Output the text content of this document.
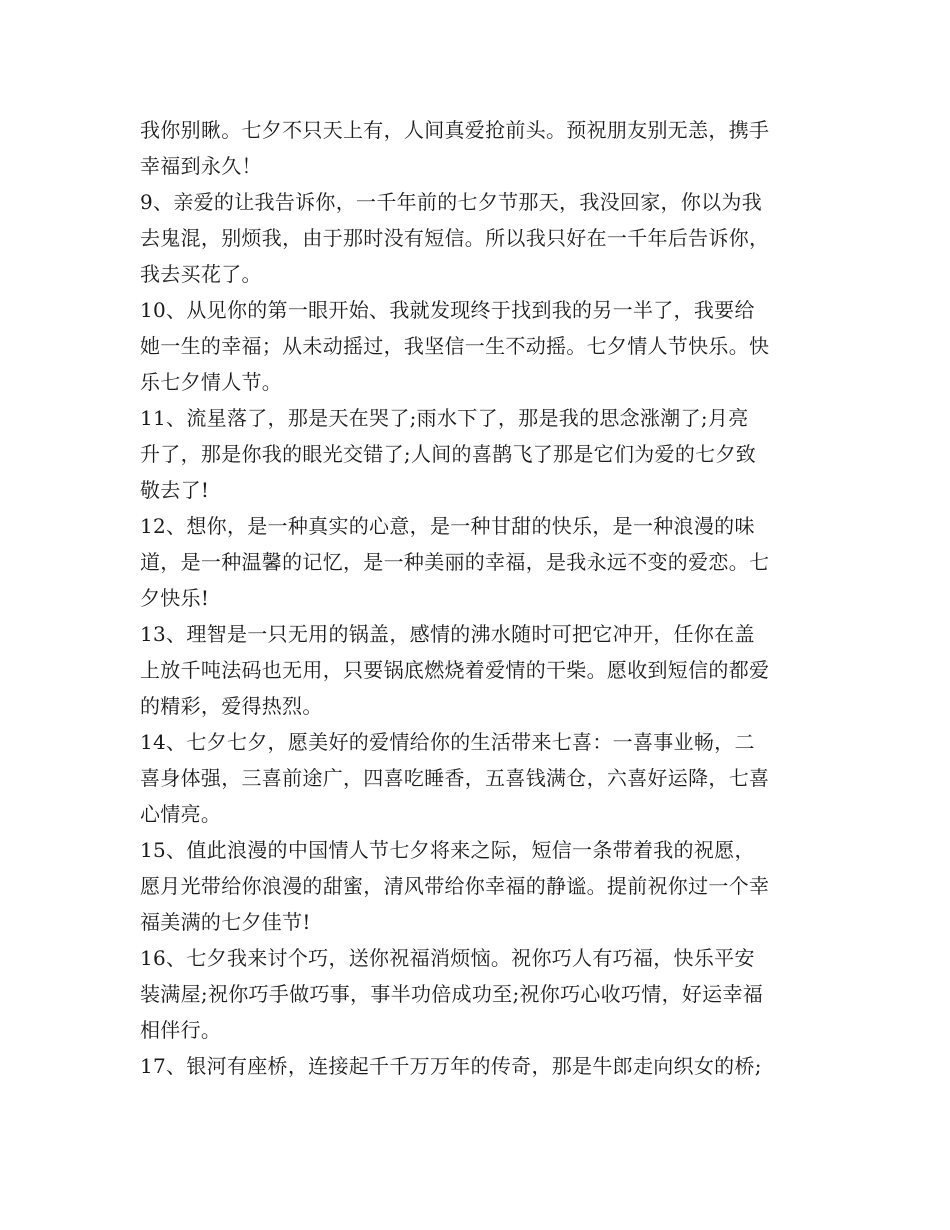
我你别瞅。七夕不只天上有，人间真爱抢前头。预祝朋友别无恙，携手
幸福到永久！
9、亲爱的让我告诉你，一千年前的七夕节那天，我没回家，你以为我
去鬼混，别烦我，由于那时没有短信。所以我只好在一千年后告诉你，
我去买花了。
10、从见你的第一眼开始、我就发现终于找到我的另一半了，我要给
她一生的幸福；从未动摇过，我坚信一生不动摇。七夕情人节快乐。快
乐七夕情人节。
11、流星落了，那是天在哭了;雨水下了，那是我的思念涨潮了;月亮
升了，那是你我的眼光交错了;人间的喜鹊飞了那是它们为爱的七夕致
敬去了!
12、想你，是一种真实的心意，是一种甘甜的快乐，是一种浪漫的味
道，是一种温馨的记忆，是一种美丽的幸福，是我永远不变的爱恋。七
夕快乐!
13、理智是一只无用的锅盖，感情的沸水随时可把它冲开，任你在盖
上放千吨法码也无用，只要锅底燃烧着爱情的干柴。愿收到短信的都爱
的精彩，爱得热烈。
14、七夕七夕，愿美好的爱情给你的生活带来七喜：一喜事业畅，二
喜身体强，三喜前途广，四喜吃睡香，五喜钱满仓，六喜好运降，七喜
心情亮。
15、值此浪漫的中国情人节七夕将来之际，短信一条带着我的祝愿，
愿月光带给你浪漫的甜蜜，清风带给你幸福的静谧。提前祝你过一个幸
福美满的七夕佳节!
16、七夕我来讨个巧，送你祝福消烦恼。祝你巧人有巧福，快乐平安
装满屋;祝你巧手做巧事，事半功倍成功至;祝你巧心收巧情，好运幸福
相伴行。
17、银河有座桥，连接起千千万万年的传奇，那是牛郎走向织女的桥;
